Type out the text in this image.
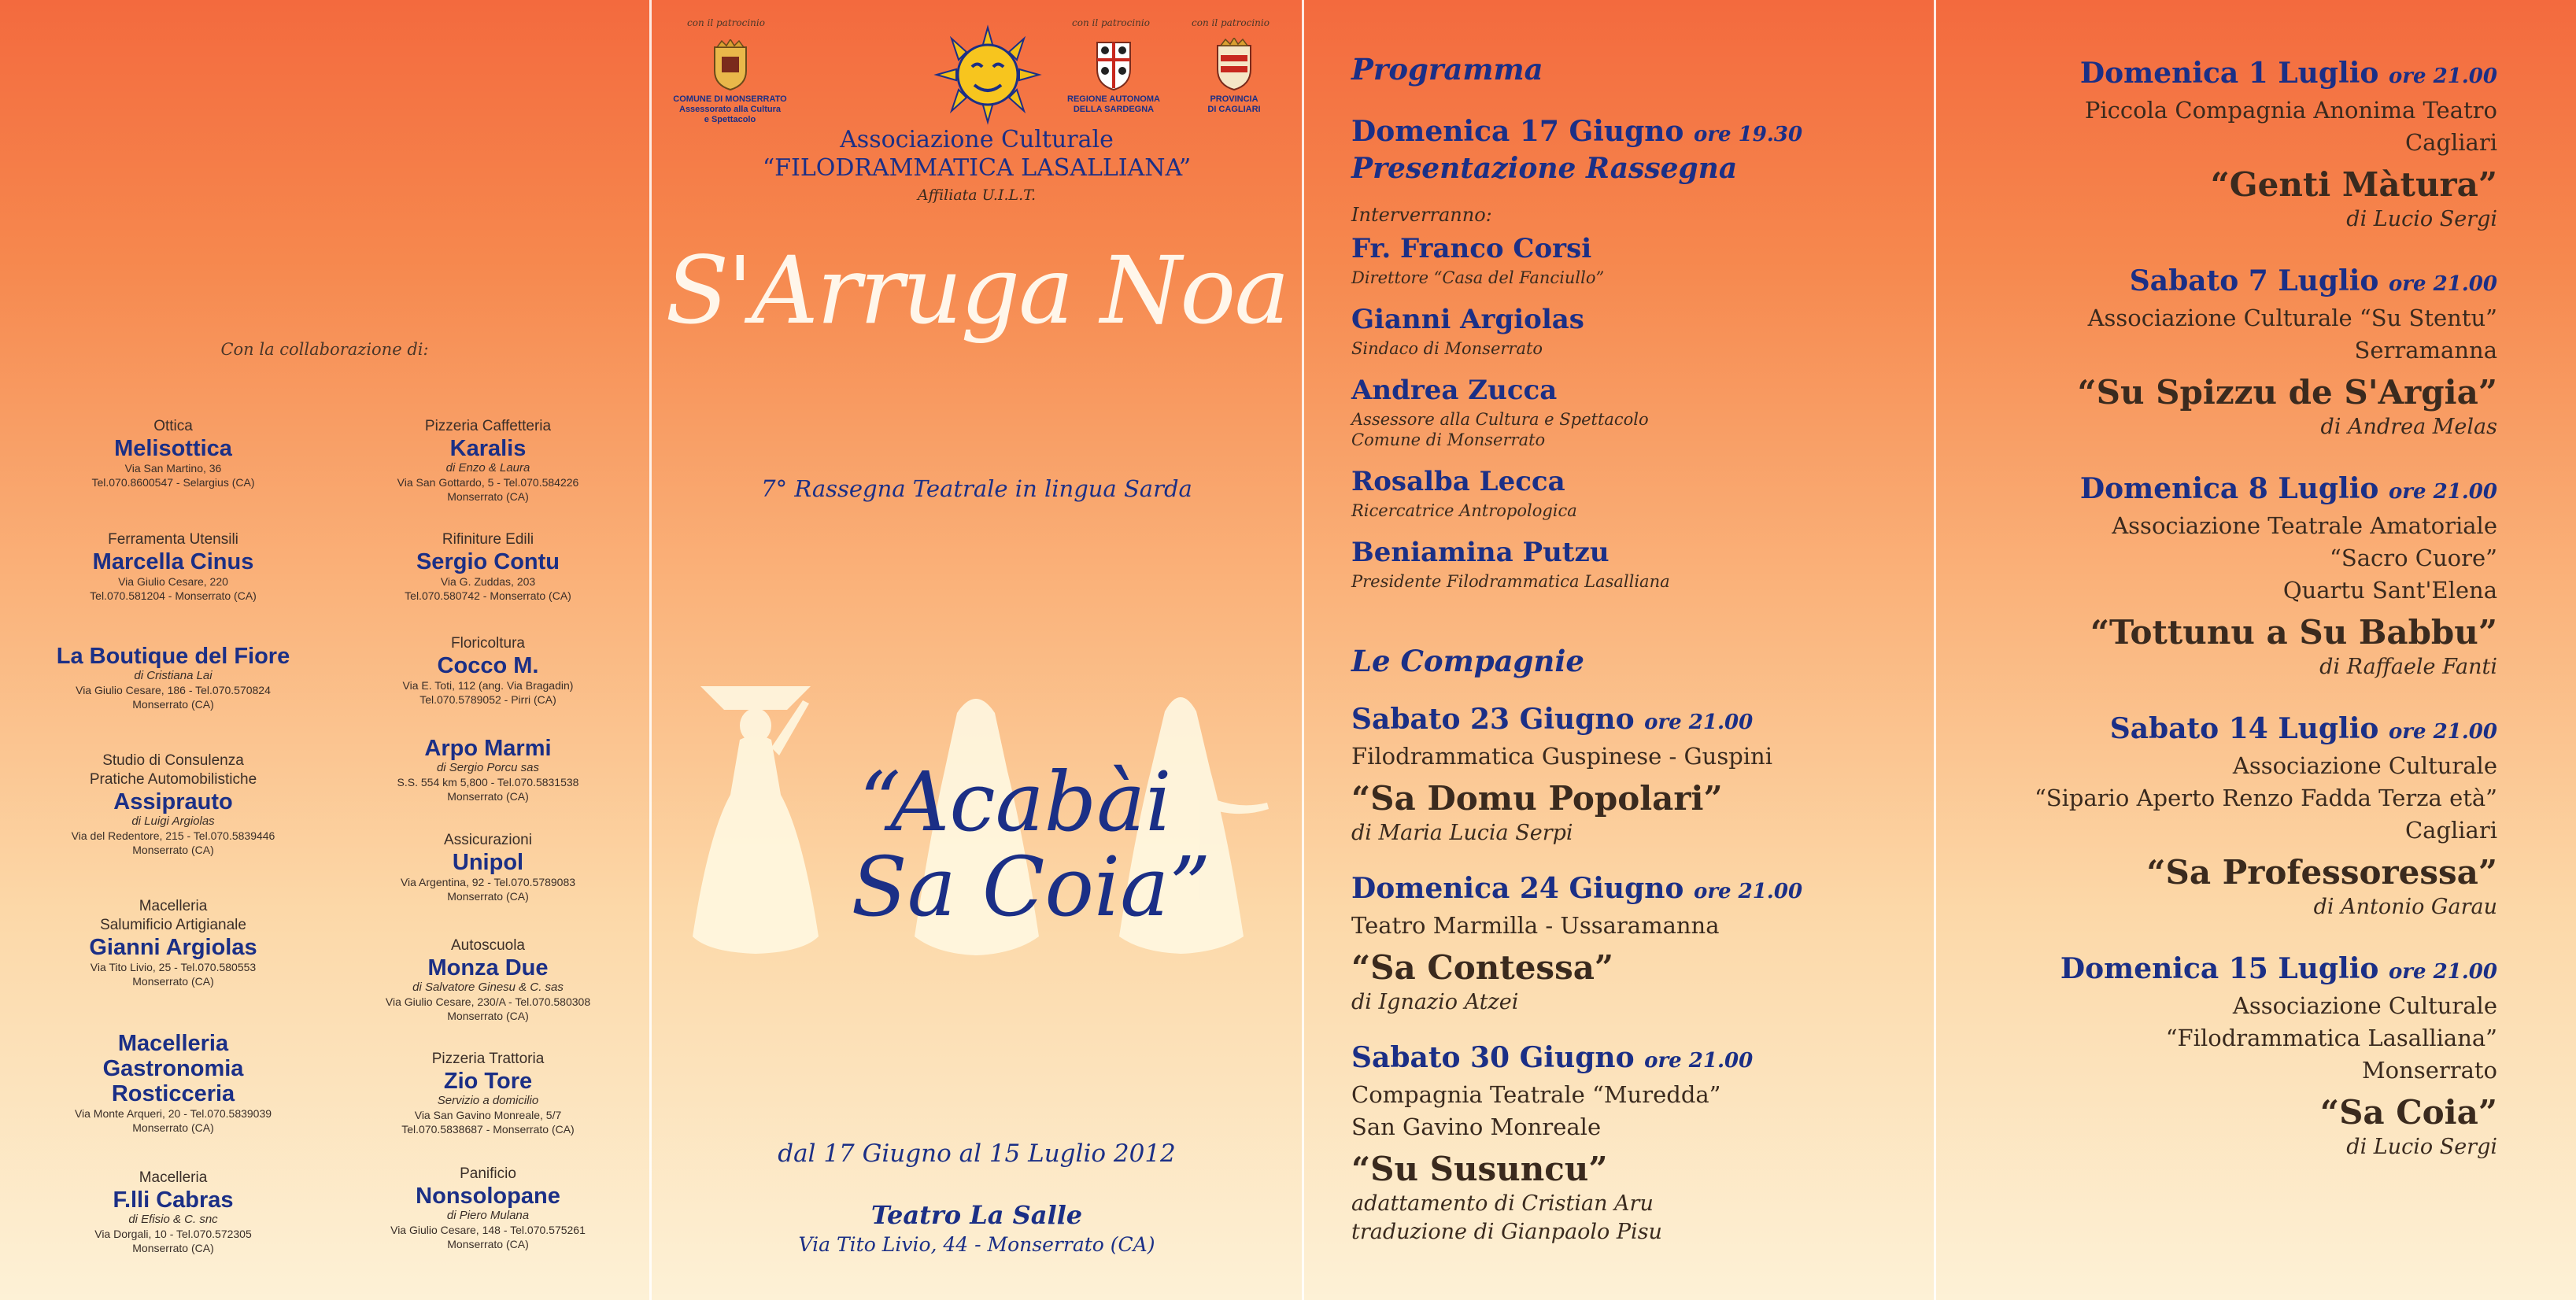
Con la collaborazione di:
Ottica
Melisottica
Via San Martino, 36
Tel.070.8600547 - Selargius (CA)
Ferramenta Utensili
Marcella Cinus
Via Giulio Cesare, 220
Tel.070.581204 - Monserrato (CA)
La Boutique del Fiore
di Cristiana Lai
Via Giulio Cesare, 186 - Tel.070.570824
Monserrato (CA)
Studio di Consulenza
Pratiche Automobilistiche
Assiprauto
di Luigi Argiolas
Via del Redentore, 215 - Tel.070.5839446
Monserrato (CA)
Macelleria
Salumificio Artigianale
Gianni Argiolas
Via Tito Livio, 25 - Tel.070.580553
Monserrato (CA)
Macelleria
Gastronomia
Rosticceria
Via Monte Arqueri, 20 - Tel.070.5839039
Monserrato (CA)
Macelleria
F.lli Cabras
di Efisio & C. snc
Via Dorgali, 10 - Tel.070.572305
Monserrato (CA)
Pizzeria Caffetteria
Karalis
di Enzo & Laura
Via San Gottardo, 5 - Tel.070.584226
Monserrato (CA)
Rifiniture Edili
Sergio Contu
Via G. Zuddas, 203
Tel.070.580742 - Monserrato (CA)
Floricoltura
Cocco M.
Via E. Toti, 112 (ang. Via Bragadin)
Tel.070.5789052 - Pirri (CA)
Arpo Marmi
di Sergio Porcu sas
S.S. 554 km 5,800 - Tel.070.5831538
Monserrato (CA)
Assicurazioni
Unipol
Via Argentina, 92 - Tel.070.5789083
Monserrato (CA)
Autoscuola
Monza Due
di Salvatore Ginesu & C. sas
Via Giulio Cesare, 230/A - Tel.070.580308
Monserrato (CA)
Pizzeria Trattoria
Zio Tore
Servizio a domicilio
Via San Gavino Monreale, 5/7
Tel.070.5838687 - Monserrato (CA)
Panificio
Nonsolopane
di Piero Mulana
Via Giulio Cesare, 148 - Tel.070.575261
Monserrato (CA)
con il patrocinio	con il patrocinio	con il patrocinio
COMUNE DI MONSERRATO
Assessorato alla Cultura
e Spettacolo
REGIONE AUTONOMA
DELLA SARDEGNA
PROVINCIA
DI CAGLIARI
Associazione Culturale
“FILODRAMMATICA LASALLIANA”
Affiliata U.I.L.T.
S'Arruga Noa
7° Rassegna Teatrale in lingua Sarda
“Acabài
Sa Coia”
dal 17 Giugno al 15 Luglio 2012
Teatro La Salle
Via Tito Livio, 44 - Monserrato (CA)
Programma
Domenica 17 Giugno ore 19.30
Presentazione Rassegna
Interverranno:
Fr. Franco Corsi
Direttore “Casa del Fanciullo”
Gianni Argiolas
Sindaco di Monserrato
Andrea Zucca
Assessore alla Cultura e Spettacolo
Comune di Monserrato
Rosalba Lecca
Ricercatrice Antropologica
Beniamina Putzu
Presidente Filodrammatica Lasalliana
Le Compagnie
Sabato 23 Giugno ore 21.00
Filodrammatica Guspinese - Guspini
“Sa Domu Popolari”
di Maria Lucia Serpi
Domenica 24 Giugno ore 21.00
Teatro Marmilla - Ussaramanna
“Sa Contessa”
di Ignazio Atzei
Sabato 30 Giugno ore 21.00
Compagnia Teatrale “Muredda”
San Gavino Monreale
“Su Susuncu”
adattamento di Cristian Aru
traduzione di Gianpaolo Pisu
Domenica 1 Luglio ore 21.00
Piccola Compagnia Anonima Teatro
Cagliari
“Genti Màtura”
di Lucio Sergi
Sabato 7 Luglio ore 21.00
Associazione Culturale “Su Stentu”
Serramanna
“Su Spizzu de S'Argia”
di Andrea Melas
Domenica 8 Luglio ore 21.00
Associazione Teatrale Amatoriale
“Sacro Cuore”
Quartu Sant'Elena
“Tottunu a Su Babbu”
di Raffaele Fanti
Sabato 14 Luglio ore 21.00
Associazione Culturale
“Sipario Aperto Renzo Fadda Terza età”
Cagliari
“Sa Professoressa”
di Antonio Garau
Domenica 15 Luglio ore 21.00
Associazione Culturale
“Filodrammatica Lasalliana”
Monserrato
“Sa Coia”
di Lucio Sergi
